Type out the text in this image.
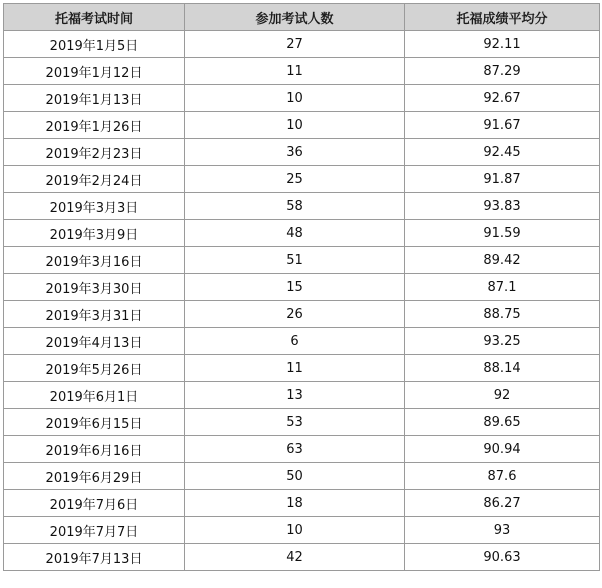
托福考试时间	参加考试人数	托福成绩平均分
2019年1月5日	27	92.11
2019年1月12日	11	87.29
2019年1月13日	10	92.67
2019年1月26日	10	91.67
2019年2月23日	36	92.45
2019年2月24日	25	91.87
2019年3月3日	58	93.83
2019年3月9日	48	91.59
2019年3月16日	51	89.42
2019年3月30日	15	87.1
2019年3月31日	26	88.75
2019年4月13日	6	93.25
2019年5月26日	11	88.14
2019年6月1日	13	92
2019年6月15日	53	89.65
2019年6月16日	63	90.94
2019年6月29日	50	87.6
2019年7月6日	18	86.27
2019年7月7日	10	93
2019年7月13日	42	90.63
